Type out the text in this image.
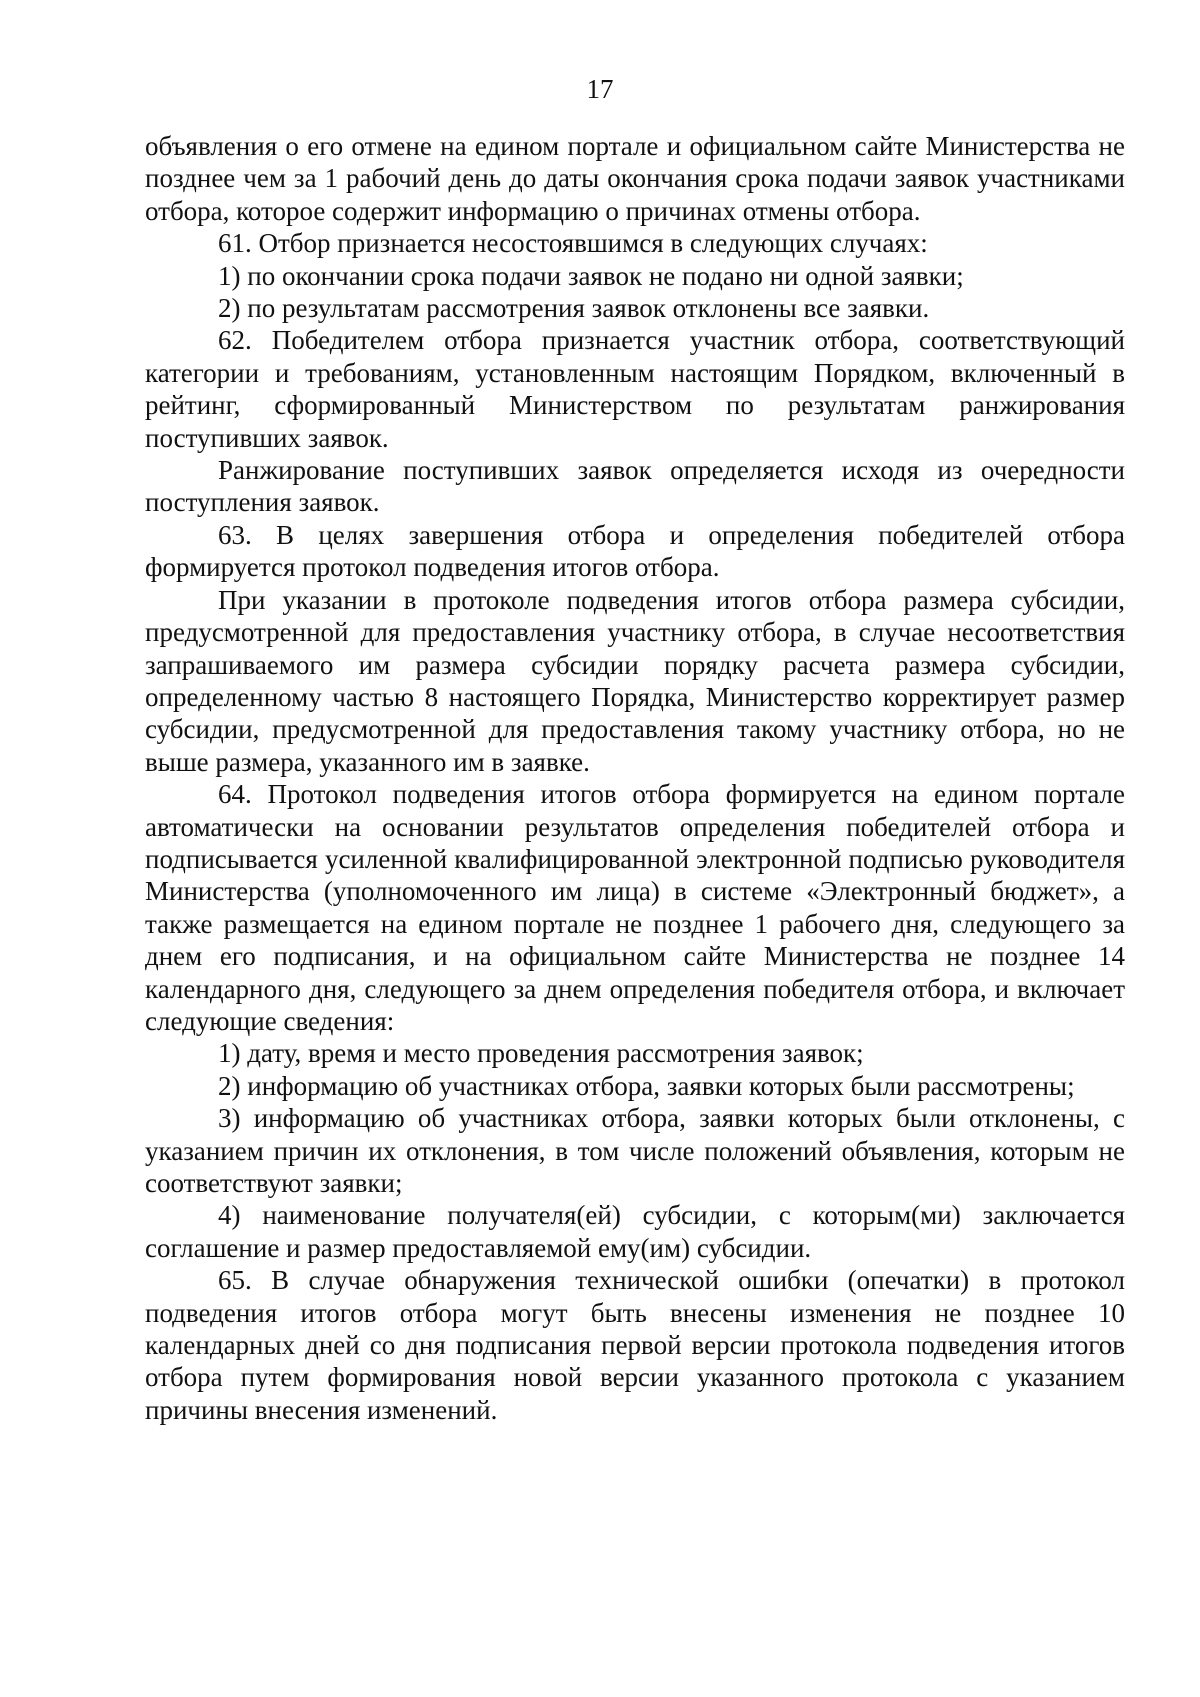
17

объявления о его отмене на едином портале и официальном сайте Министерства не позднее чем за 1 рабочий день до даты окончания срока подачи заявок участниками отбора, которое содержит информацию о причинах отмены отбора.

61. Отбор признается несостоявшимся в следующих случаях:

1) по окончании срока подачи заявок не подано ни одной заявки;

2) по результатам рассмотрения заявок отклонены все заявки.

62. Победителем отбора признается участник отбора, соответствующий категории и требованиям, установленным настоящим Порядком, включенный в рейтинг, сформированный Министерством по результатам ранжирования поступивших заявок.

Ранжирование поступивших заявок определяется исходя из очередности поступления заявок.

63. В целях завершения отбора и определения победителей отбора формируется протокол подведения итогов отбора.

При указании в протоколе подведения итогов отбора размера субсидии, предусмотренной для предоставления участнику отбора, в случае несоответствия запрашиваемого им размера субсидии порядку расчета размера субсидии, определенному частью 8 настоящего Порядка, Министерство корректирует размер субсидии, предусмотренной для предоставления такому участнику отбора, но не выше размера, указанного им в заявке.

64. Протокол подведения итогов отбора формируется на едином портале автоматически на основании результатов определения победителей отбора и подписывается усиленной квалифицированной электронной подписью руководителя Министерства (уполномоченного им лица) в системе «Электронный бюджет», а также размещается на едином портале не позднее 1 рабочего дня, следующего за днем его подписания, и на официальном сайте Министерства не позднее 14 календарного дня, следующего за днем определения победителя отбора, и включает следующие сведения:

1) дату, время и место проведения рассмотрения заявок;

2) информацию об участниках отбора, заявки которых были рассмотрены;

3) информацию об участниках отбора, заявки которых были отклонены, с указанием причин их отклонения, в том числе положений объявления, которым не соответствуют заявки;

4) наименование получателя(ей) субсидии, с которым(ми) заключается соглашение и размер предоставляемой ему(им) субсидии.

65. В случае обнаружения технической ошибки (опечатки) в протокол подведения итогов отбора могут быть внесены изменения не позднее 10 календарных дней со дня подписания первой версии протокола подведения итогов отбора путем формирования новой версии указанного протокола с указанием причины внесения изменений.
